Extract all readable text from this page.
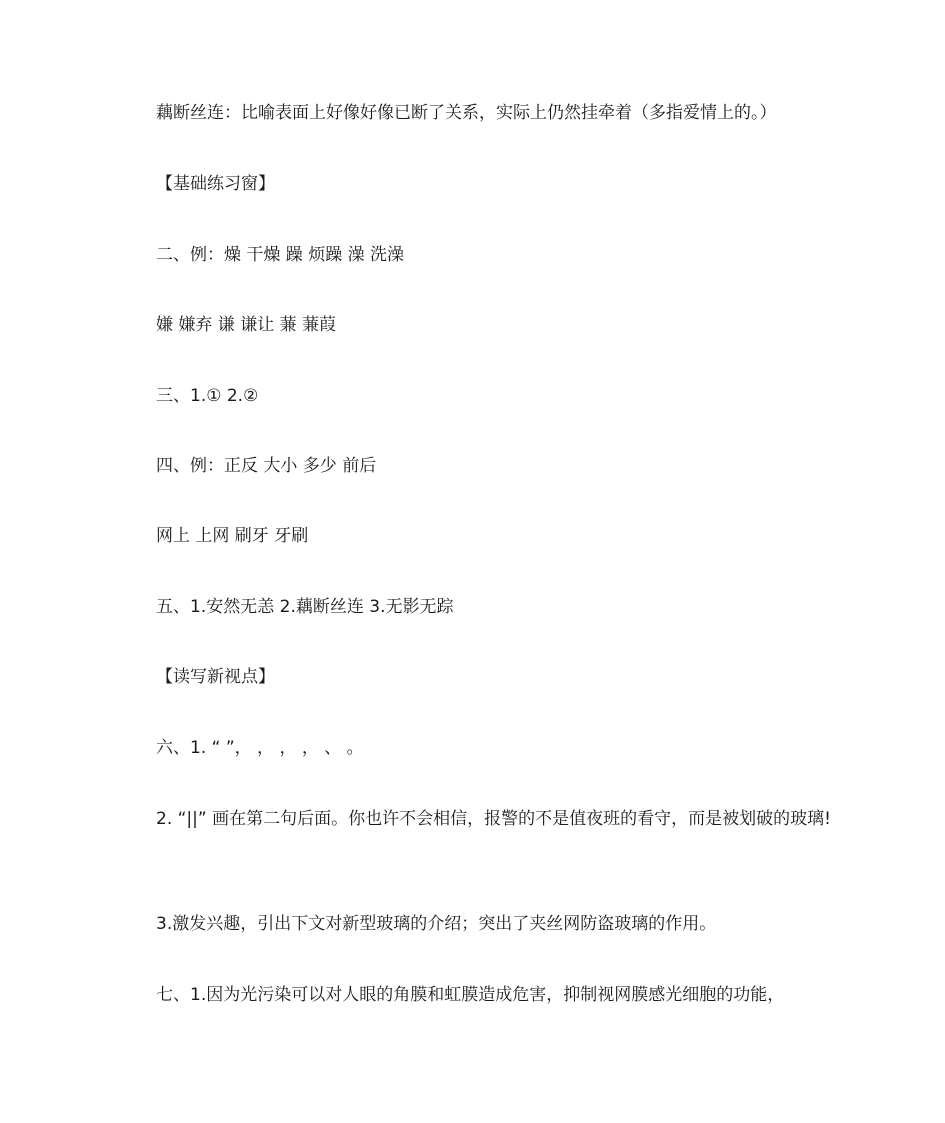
藕断丝连：比喻表面上好像好像已断了关系，实际上仍然挂牵着（多指爱情上的。）
【基础练习窗】
二、例：燥 干燥 躁 烦躁 澡 洗澡
嫌 嫌弃 谦 谦让 蒹 蒹葭
三、1.① 2.②
四、例：正反 大小 多少 前后
网上 上网 刷牙 牙刷
五、1.安然无恙 2.藕断丝连 3.无影无踪
【读写新视点】
六、1. “ ”， ， ， ， 、 。
2. “||” 画在第二句后面。你也许不会相信，报警的不是值夜班的看守，而是被划破的玻璃!
3.激发兴趣，引出下文对新型玻璃的介绍；突出了夹丝网防盗玻璃的作用。
七、1.因为光污染可以对人眼的角膜和虹膜造成危害，抑制视网膜感光细胞的功能，
